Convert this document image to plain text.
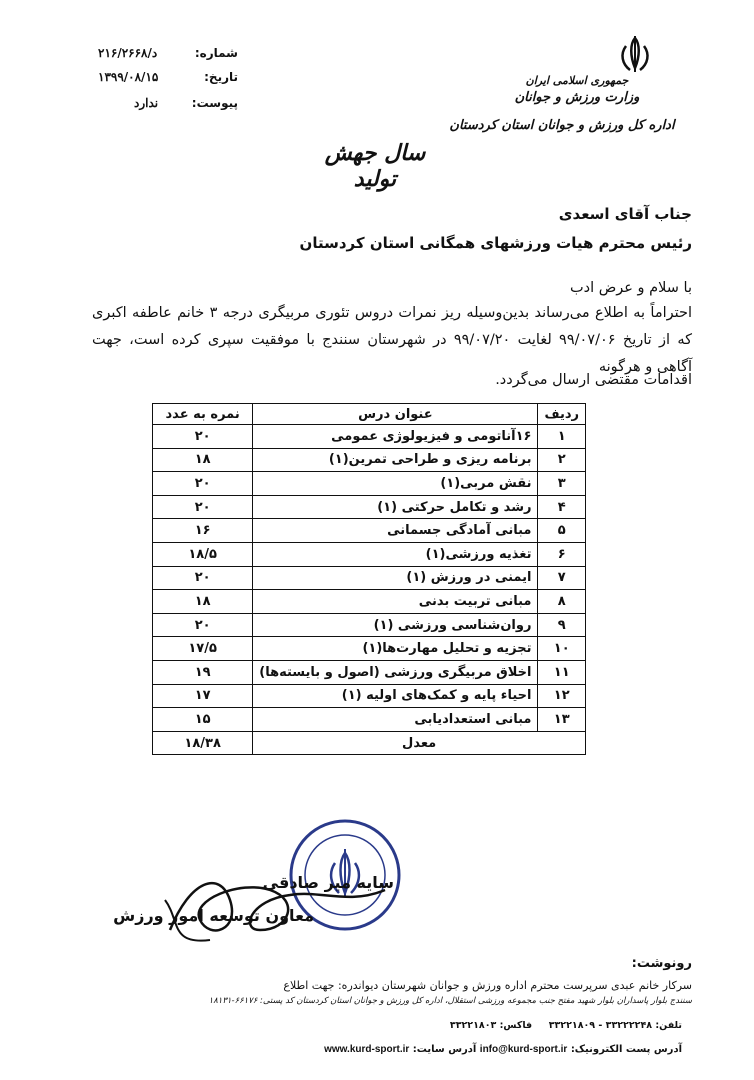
شماره:
د/۲۱۶/۲۶۶۸
تاریخ:
۱۳۹۹/۰۸/۱۵
پیوست:
ندارد
جمهوری اسلامی ایران
وزارت ورزش و جوانان
اداره کل ورزش و جوانان استان کردستان
سال جهش تولید
جناب آقای اسعدی
رئیس محترم هیات ورزشهای همگانی استان کردستان
با سلام و عرض ادب
احتراماً به اطلاع می‌رساند بدین‌وسیله ریز نمرات دروس تئوری مربیگری درجه ۳ خانم عاطفه اکبری که از تاریخ ۹۹/۰۷/۰۶ لغایت ۹۹/۰۷/۲۰ در شهرستان سنندج با موفقیت سپری کرده است، جهت آگاهی و هرگونه
اقدامات مقتضی ارسال می‌گردد.
ردیف	عنوان درس	نمره به عدد
۱	۱۶آناتومی و فیزیولوژی عمومی	۲۰
۲	برنامه ریزی و طراحی تمرین(۱)	۱۸
۳	نقش مربی(۱)	۲۰
۴	رشد و تکامل حرکتی (۱)	۲۰
۵	مبانی آمادگی جسمانی	۱۶
۶	تغذیه ورزشی(۱)	۱۸/۵
۷	ایمنی در ورزش (۱)	۲۰
۸	مبانی تربیت بدنی	۱۸
۹	روان‌شناسی ورزشی (۱)	۲۰
۱۰	تجزیه و تحلیل مهارت‌ها(۱)	۱۷/۵
۱۱	اخلاق مربیگری ورزشی (اصول و بایسته‌ها)	۱۹
۱۲	احیاء پایه و کمک‌های اولیه (۱)	۱۷
۱۳	مبانی استعدادیابی	۱۵
معدل		۱۸/۳۸
سایه میر صادقی
معاون توسعه امور ورزش
رونوشت:
سرکار خانم عبدی سرپرست محترم اداره ورزش و جوانان شهرستان دیواندره: جهت اطلاع
سنندج بلوار پاسداران بلوار شهید مفتح جنب مجموعه ورزشی استقلال، اداره کل ورزش و جوانان استان کردستان کد پستی: ۶۶۱۷۶-۱۸۱۳۱
تلفن: ۳۳۲۲۲۲۴۸ - ۳۳۲۲۱۸۰۹     فاکس: ۳۳۲۲۱۸۰۳
آدرس پست الکترونیک: info@kurd-sport.ir آدرس سایت: www.kurd-sport.ir
